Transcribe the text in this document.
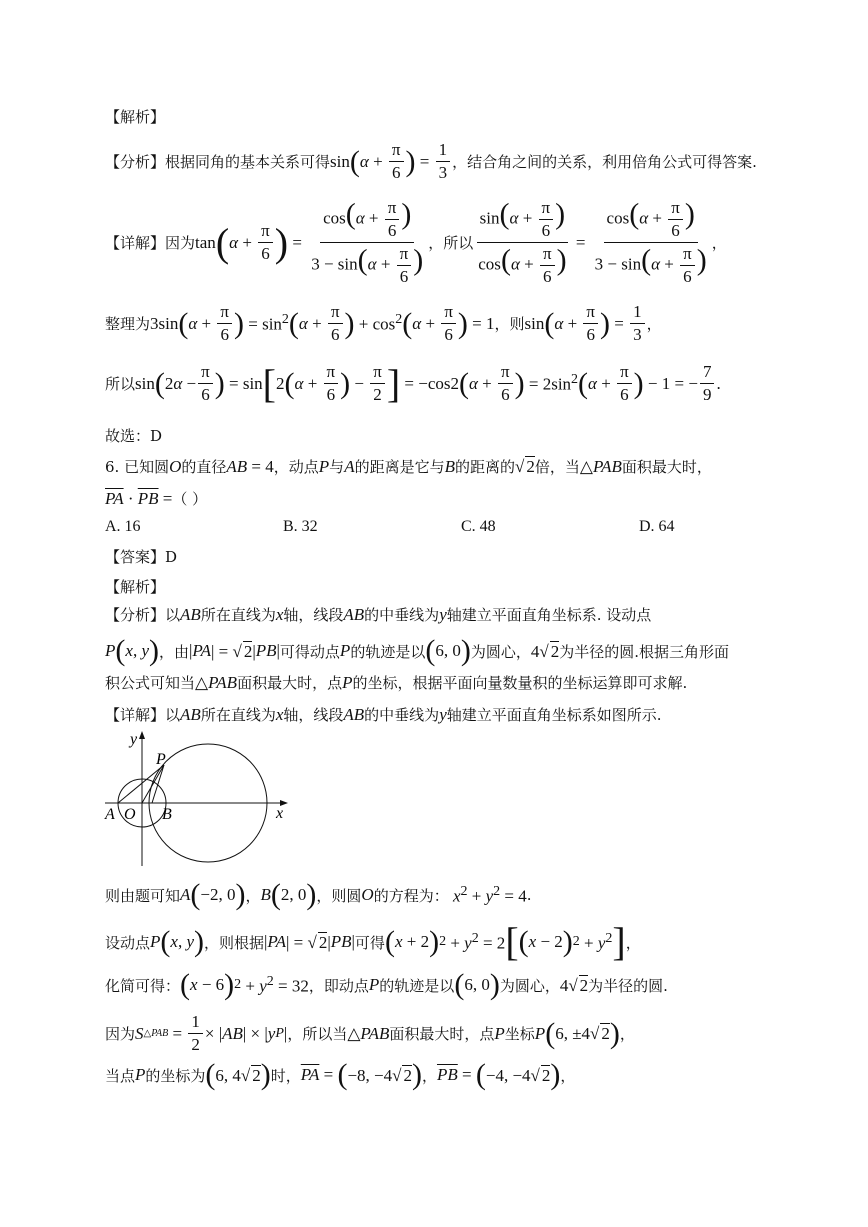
【解析】
【分析】 根据同角的基本关系可得 sin ( $\alpha + \frac{\pi}{6}$ ) = $\frac{1}{3}$ ，结合角之间的关系，利用倍角公式可得答案.
【详解】 因为 tan ( $\alpha + \frac{\pi}{6}$ ) = $\frac{\cos(\alpha + \frac{\pi}{6} )}{3 - \sin(\alpha + \frac{\pi}{6} )}$ ，所以 $\frac{\sin(\alpha + \frac{\pi}{6} )}{\cos(\alpha + \frac{\pi}{6} )} = \frac{\cos(\alpha + \frac{\pi}{6} )}{3 - \sin(\alpha + \frac{\pi}{6} )}$ ，
整理为 3sin ( $\alpha + \frac{\pi}{6}$ ) = $\sin^2$ ( $\alpha + \frac{\pi}{6}$ ) + $\cos^2$ ( $\alpha + \frac{\pi}{6}$ ) = 1 ，则 sin ( $\alpha + \frac{\pi}{6}$ ) = $\frac{1}{3}$ ，
所以 sin ( $2\alpha - \frac{\pi}{6}$ ) = sin [ 2 ( $\alpha + \frac{\pi}{6}$ ) − $\frac{\pi}{2}$ ] = −cos2 ( $\alpha + \frac{\pi}{6}$ ) = $2\sin^2$ ( $\alpha + \frac{\pi}{6}$ ) − 1 = − $\frac{7}{9}$ .
故选：D
6. 已知圆 O 的直径 AB = 4 ，动点 P 与 A 的距离是它与 B 的距离的 √ 2 倍，当 △ PAB 面积最大时，
$\overline{PA} \cdot \overline{PB}$ = （ ）
A. 16	B. 32	C. 48	D. 64
【答案】D
【解析】
【分析】 以 AB 所在直线为 x 轴，线段 AB 的中垂线为 y 轴建立平面直角坐标系. 设动点
P ( x , y ) ，由 | PA | = √ 2| PB | 可得动点 P 的轨迹是以 ( 6, 0 ) 为圆心， 4√ 2 为半径的圆.根据三角形面
积公式可知当 △ PAB 面积最大时，点 P 的坐标，根据平面向量数量积的坐标运算即可求解.
【详解】 以 AB 所在直线为 x 轴，线段 AB 的中垂线为 y 轴建立平面直角坐标系如图所示.
y
x
P
A O B
则由题可知 A ( −2, 0 ) ， B ( 2, 0 ) ，则圆 O 的方程为： $x^2 + y^2 = 4$ .
设动点 P ( x , y ) ，则根据 | PA | = √ 2| PB | 可得 ( x + 2 ) $2 + y^2 = 2$ [ ( x − 2 ) $2 + y^2$ ] ，
化简可得： ( x − 6 ) $2 + y^2 = 32$ ，即动点 P 的轨迹是以 ( 6, 0 ) 为圆心， 4√ 2 为半径的圆.
因为 S △PAB = $\frac{1}{2}$ × | AB | × | y P | ，所以当 △ PAB 面积最大时，点 P 坐标 P ( 6, ±4√ 2 ) ，
当点 P 的坐标为 ( 6, 4√ 2 ) 时， $\overline{PA}$ = ( −8, −4√ 2 ) ， $\overline{PB}$ = ( −4, −4√ 2 ) ，
